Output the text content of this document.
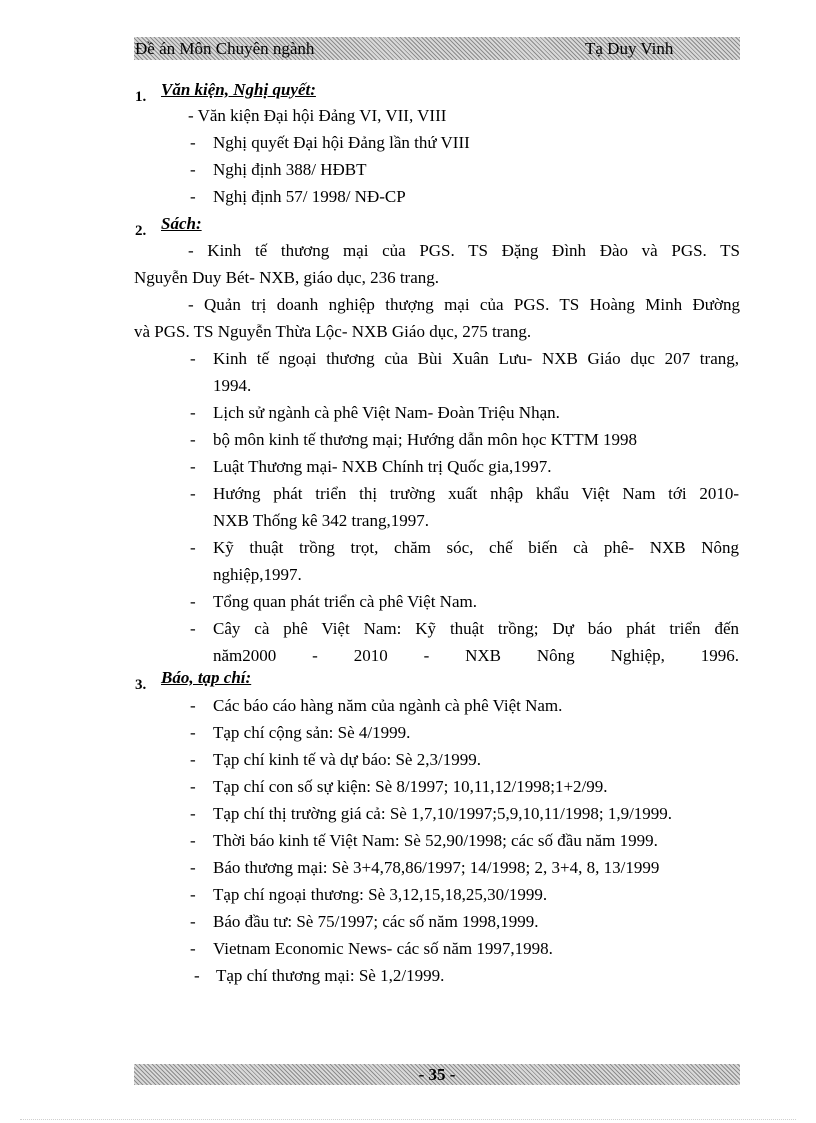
Đề án Môn Chuyên ngành	Tạ Duy Vinh
1. Văn kiện, Nghị quyết:
- Văn kiện Đại hội Đảng VI, VII, VIII
- Nghị quyết Đại hội Đảng lần thứ VIII
- Nghị định 388/ HĐBT
- Nghị định 57/ 1998/ NĐ-CP
2. Sách:
- Kinh tế thương mại của PGS. TS Đặng Đình Đào và PGS. TS
Nguyễn Duy Bét- NXB, giáo dục, 236 trang.
- Quản trị doanh nghiệp thượng mại của PGS. TS Hoàng Minh Đường
và PGS. TS Nguyễn Thừa Lộc- NXB Giáo dục, 275 trang.
- Kinh tế ngoại thương của Bùi Xuân Lưu- NXB Giáo dục 207 trang,
1994.
- Lịch sử ngành cà phê Việt Nam- Đoàn Triệu Nhạn.
- bộ môn kinh tế thương mại; Hướng dẫn môn học KTTM 1998
- Luật Thương mại- NXB Chính trị Quốc gia,1997.
- Hướng phát triển thị trường xuất nhập khẩu Việt Nam tới 2010-
NXB Thống kê 342 trang,1997.
- Kỹ thuật trồng trọt, chăm sóc, chế biến cà phê- NXB Nông
nghiệp,1997.
- Tổng quan phát triển cà phê Việt Nam.
- Cây cà phê Việt Nam: Kỹ thuật trồng; Dự báo phát triển đến
năm2000 - 2010 - NXB Nông Nghiệp, 1996.
3. Báo, tạp chí:
- Các báo cáo hàng năm của ngành cà phê Việt Nam.
- Tạp chí cộng sản: Sè 4/1999.
- Tạp chí kinh tế và dự báo: Sè 2,3/1999.
- Tạp chí con số sự kiện: Sè 8/1997; 10,11,12/1998;1+2/99.
- Tạp chí thị trường giá cả: Sè 1,7,10/1997;5,9,10,11/1998; 1,9/1999.
- Thời báo kinh tế Việt Nam: Sè 52,90/1998; các số đầu năm 1999.
- Báo thương mại: Sè 3+4,78,86/1997; 14/1998; 2, 3+4, 8, 13/1999
- Tạp chí ngoại thương: Sè 3,12,15,18,25,30/1999.
- Báo đầu tư: Sè 75/1997; các số năm 1998,1999.
- Vietnam Economic News- các số năm 1997,1998.
- Tạp chí thương mại: Sè 1,2/1999.
- 35 -
